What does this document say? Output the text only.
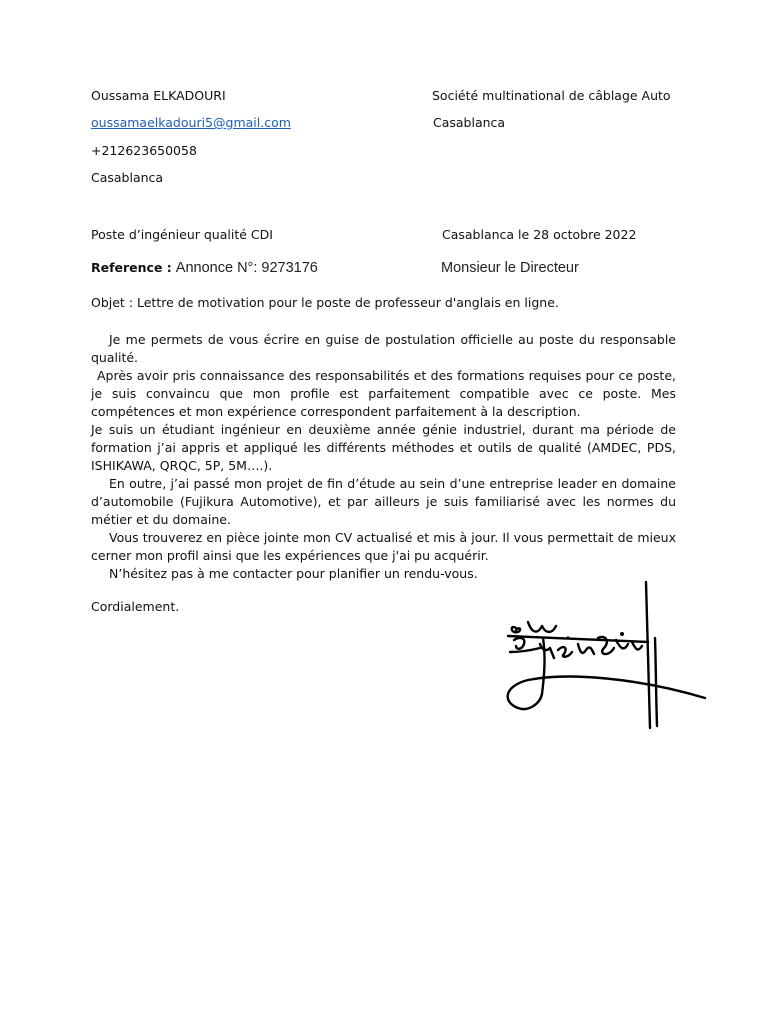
Oussama ELKADOURI
oussamaelkadouri5@gmail.com
+212623650058
Casablanca
Société multinational de câblage Auto
Casablanca
Poste d’ingénieur qualité CDI	Casablanca le 28 octobre 2022
Reference : Annonce N°: 9273176	Monsieur le Directeur
Objet : Lettre de motivation pour le poste de professeur d'anglais en ligne.

Je me permets de vous écrire en guise de postulation officielle au poste du responsable qualité.

Après avoir pris connaissance des responsabilités et des formations requises pour ce poste, je suis convaincu que mon profile est parfaitement compatible avec ce poste. Mes compétences et mon expérience correspondent parfaitement à la description.

Je suis un étudiant ingénieur en deuxième année génie industriel, durant ma période de formation j’ai appris et appliqué les différents méthodes et outils de qualité (AMDEC, PDS, ISHIKAWA, QRQC, 5P, 5M….).

En outre, j’ai passé mon projet de fin d’étude au sein d’une entreprise leader en domaine d’automobile (Fujikura Automotive), et par ailleurs je suis familiarisé avec les normes du métier et du domaine.

Vous trouverez en pièce jointe mon CV actualisé et mis à jour. Il vous permettait de mieux cerner mon profil ainsi que les expériences que j'ai pu acquérir.

N’hésitez pas à me contacter pour planifier un rendu-vous.

Cordialement.
